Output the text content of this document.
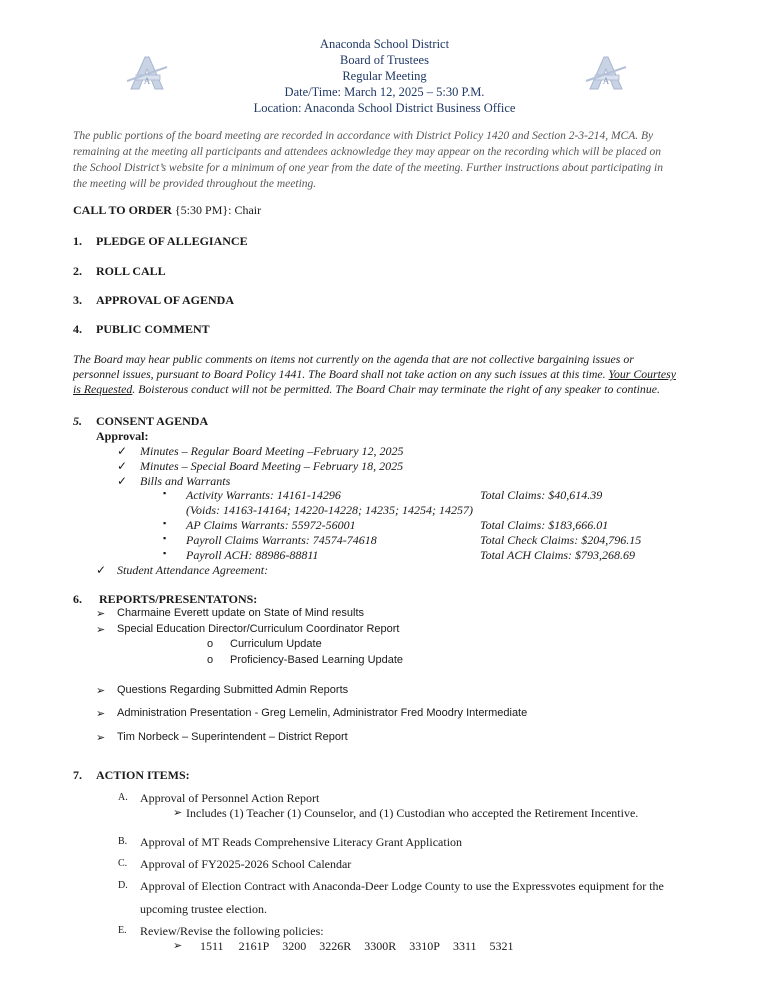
Anaconda School District
Board of Trustees
Regular Meeting
Date/Time: March 12, 2025 – 5:30 P.M.
Location: Anaconda School District Business Office
A	A
The public portions of the board meeting are recorded in accordance with District Policy 1420 and Section 2-3-214, MCA. By
remaining at the meeting all participants and attendees acknowledge they may appear on the recording which will be placed on
the School District’s website for a minimum of one year from the date of the meeting. Further instructions about participating in
the meeting will be provided throughout the meeting.
CALL TO ORDER {5:30 PM}: Chair
1. PLEDGE OF ALLEGIANCE
2. ROLL CALL
3. APPROVAL OF AGENDA
4. PUBLIC COMMENT
The Board may hear public comments on items not currently on the agenda that are not collective bargaining issues or
personnel issues, pursuant to Board Policy 1441. The Board shall not take action on any such issues at this time. Your Courtesy
is Requested. Boisterous conduct will not be permitted. The Board Chair may terminate the right of any speaker to continue.
5. CONSENT AGENDA
Approval:
✓ Minutes – Regular Board Meeting –February 12, 2025
✓ Minutes – Special Board Meeting – February 18, 2025
✓ Bills and Warrants
▪ Activity Warrants: 14161-14296	Total Claims: $40,614.39
(Voids: 14163-14164; 14220-14228; 14235; 14254; 14257)
▪ AP Claims Warrants: 55972-56001	Total Claims: $183,666.01
▪ Payroll Claims Warrants: 74574-74618	Total Check Claims: $204,796.15
▪ Payroll ACH: 88986-88811	Total ACH Claims: $793,268.69
✓ Student Attendance Agreement:
6. REPORTS/PRESENTATONS:
➢ Charmaine Everett update on State of Mind results
➢ Special Education Director/Curriculum Coordinator Report
o Curriculum Update
o Proficiency-Based Learning Update
➢ Questions Regarding Submitted Admin Reports
➢ Administration Presentation - Greg Lemelin, Administrator Fred Moodry Intermediate
➢ Tim Norbeck – Superintendent – District Report
7. ACTION ITEMS:
A. Approval of Personnel Action Report
➢ Includes (1) Teacher (1) Counselor, and (1) Custodian who accepted the Retirement Incentive.
B. Approval of MT Reads Comprehensive Literacy Grant Application
C. Approval of FY2025-2026 School Calendar
D. Approval of Election Contract with Anaconda-Deer Lodge County to use the Expressvotes equipment for the
upcoming trustee election.
E. Review/Revise the following policies:
➢ 1511 2161P 3200 3226R 3300R 3310P 3311 5321
